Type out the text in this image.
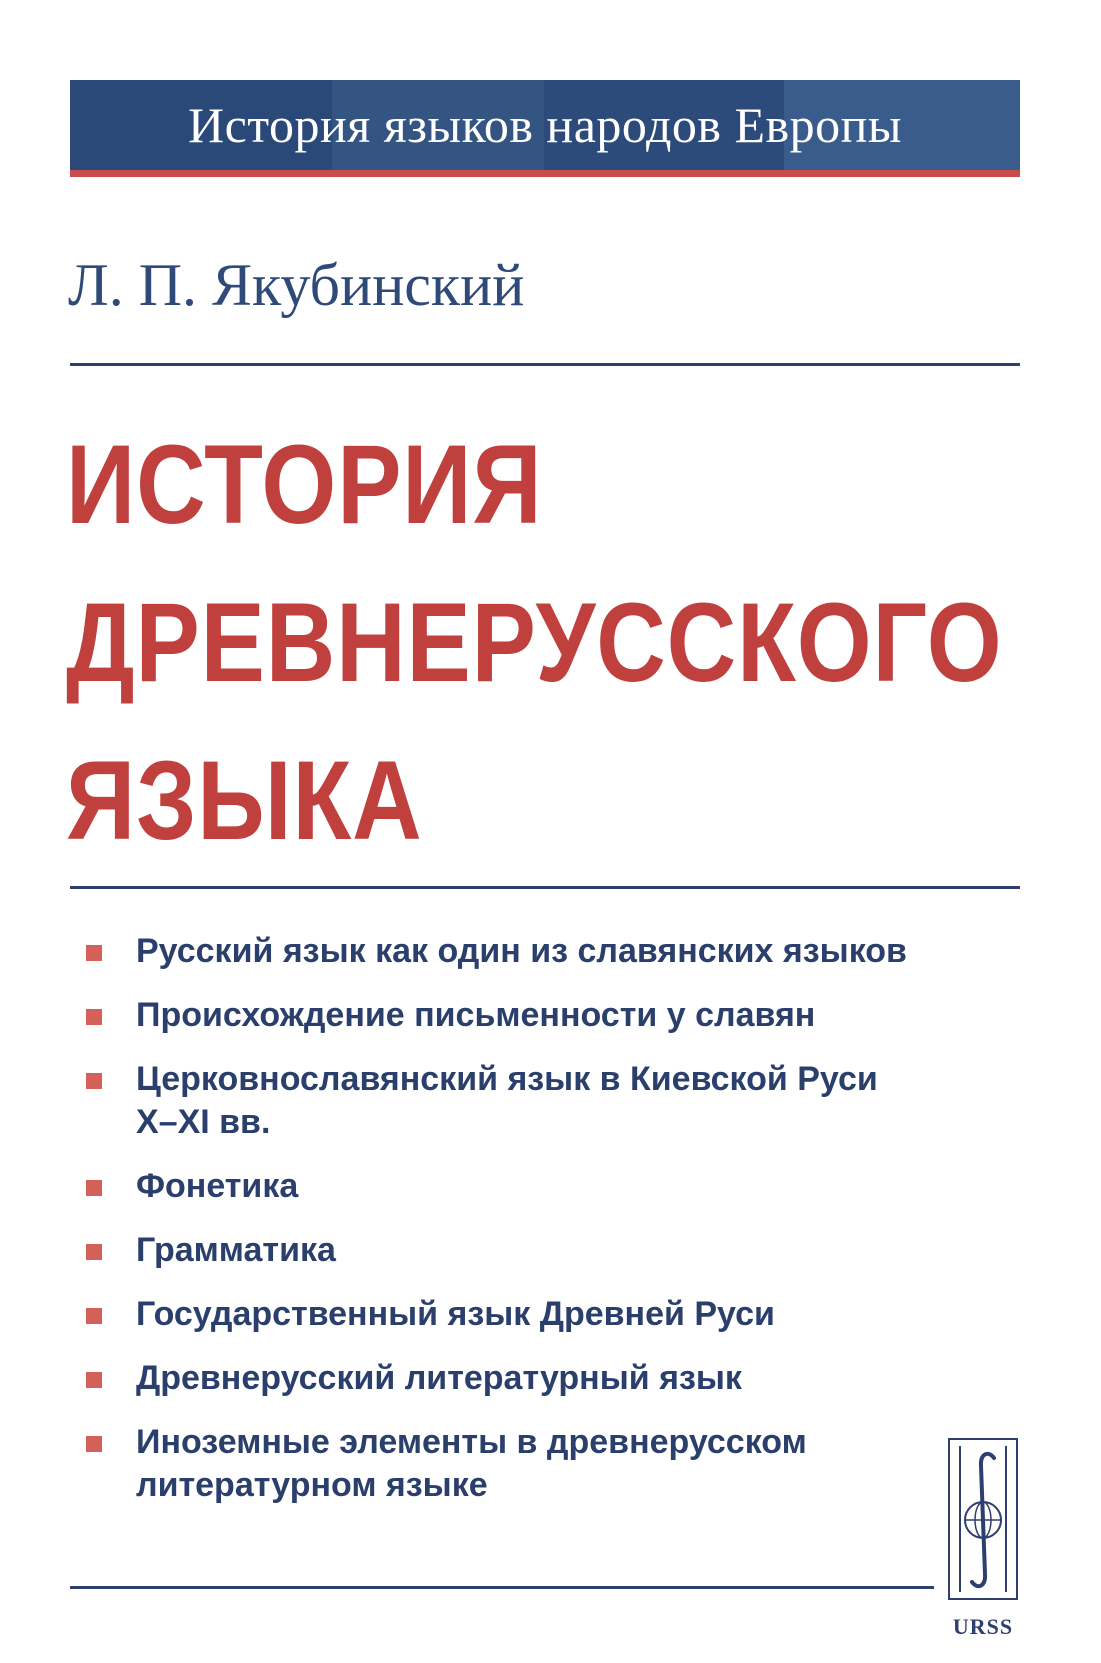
История языков народов Европы
Л. П. Якубинский
ИСТОРИЯ
ДРЕВНЕРУССКОГО
ЯЗЫКА
Русский язык как один из славянских языков
Происхождение письменности у славян
Церковнославянский язык в Киевской Руси
X–XI вв.
Фонетика
Грамматика
Государственный язык Древней Руси
Древнерусский литературный язык
Иноземные элементы в древнерусском
литературном языке
URSS
